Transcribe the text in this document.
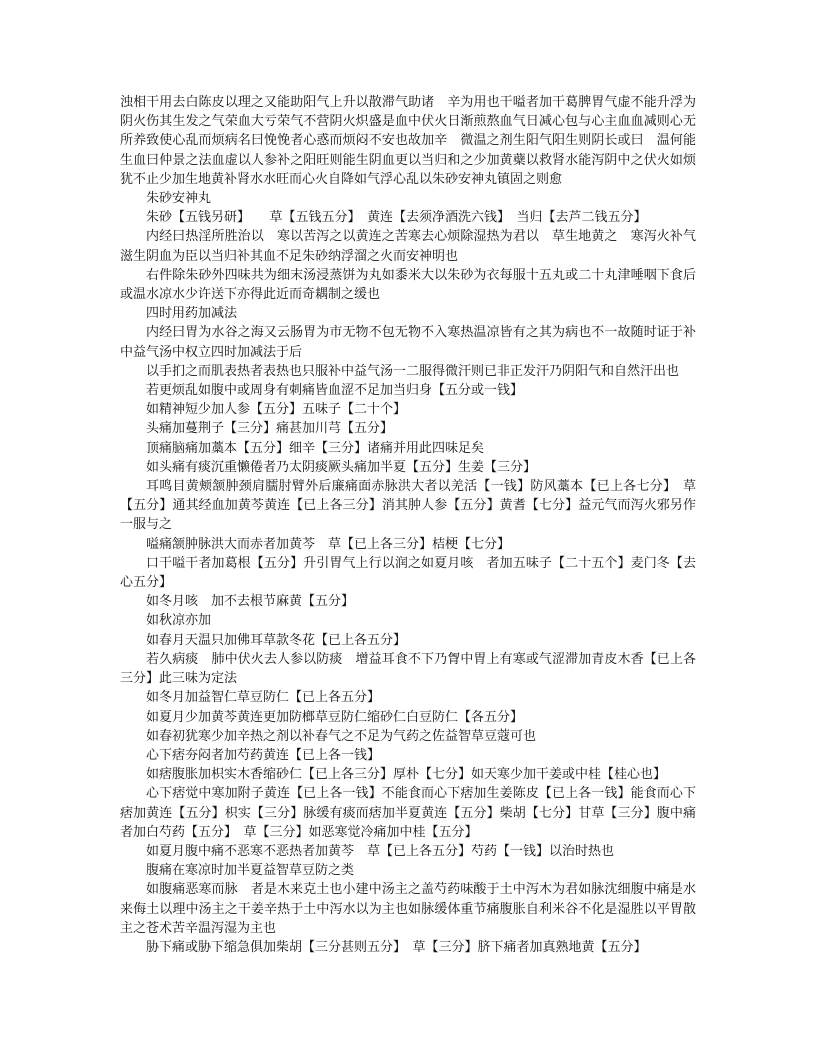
浊相干用去白陈皮以理之又能助阳气上升以散滞气助诸　辛为用也干嗌者加干葛脾胃气虚不能升浮为阴火伤其生发之气荣血大亏荣气不营阴火炽盛是血中伏火日渐煎熬血气日减心包与心主血血减则心无所养致使心乱而烦病名曰悗悗者心惑而烦闷不安也故加辛　微温之剂生阳气阳生则阴长或曰　温何能生血曰仲景之法血虚以人参补之阳旺则能生阴血更以当归和之少加黄蘗以救肾水能泻阴中之伏火如烦犹不止少加生地黄补肾水水旺而心火自降如气浮心乱以朱砂安神丸镇固之则愈

朱砂安神丸

朱砂【五钱另研】　　草【五钱五分】　黄连【去须净酒洗六钱】　当归【去芦二钱五分】

内经曰热淫所胜治以　寒以苦泻之以黄连之苦寒去心烦除湿热为君以　草生地黄之　寒泻火补气滋生阴血为臣以当归补其血不足朱砂纳浮溜之火而安神明也

右件除朱砂外四味共为细末汤浸蒸饼为丸如黍米大以朱砂为衣每服十五丸或二十丸津唾咽下食后或温水凉水少许送下亦得此近而奇耦制之缓也

四时用药加减法

内经曰胃为水谷之海又云肠胃为市无物不包无物不入寒热温凉皆有之其为病也不一故随时证于补中益气汤中权立四时加减法于后

以手扪之而肌表热者表热也只服补中益气汤一二服得微汗则已非正发汗乃阴阳气和自然汗出也

若更烦乱如腹中或周身有刺痛皆血涩不足加当归身【五分或一钱】

如精神短少加人参【五分】五味子【二十个】

头痛加蔓荆子【三分】痛甚加川芎【五分】

顶痛脑痛加藁本【五分】细辛【三分】诸痛并用此四味足矣

如头痛有痰沉重懒倦者乃太阴痰厥头痛加半夏【五分】生姜【三分】

耳鸣目黄颊颔肿颈肩臑肘臂外后廉痛面赤脉洪大者以羌活【一钱】防风藁本【已上各七分】　草【五分】通其经血加黄芩黄连【已上各三分】消其肿人参【五分】黄耆【七分】益元气而泻火邪另作一服与之

嗌痛颔肿脉洪大而赤者加黄芩　草【已上各三分】桔梗【七分】

口干嗌干者加葛根【五分】升引胃气上行以润之如夏月咳　者加五味子【二十五个】麦门冬【去心五分】

如冬月咳　加不去根节麻黄【五分】

如秋凉亦加

如春月天温只加佛耳草款冬花【已上各五分】

若久病痰　肺中伏火去人参以防痰　增益耳食不下乃胷中胃上有寒或气涩滞加青皮木香【已上各三分】此三味为定法

如冬月加益智仁草豆防仁【已上各五分】

如夏月少加黄芩黄连更加防榔草豆防仁缩砂仁白豆防仁【各五分】

如春初犹寒少加辛热之剂以补春气之不足为气药之佐益智草豆蔻可也

心下痞夯闷者加芍药黄连【已上各一钱】

如痞腹胀加枳实木香缩砂仁【已上各三分】厚朴【七分】如天寒少加干姜或中桂【桂心也】

心下痞觉中寒加附子黄连【已上各一钱】不能食而心下痞加生姜陈皮【已上各一钱】能食而心下痞加黄连【五分】枳实【三分】脉缓有痰而痞加半夏黄连【五分】柴胡【七分】甘草【三分】腹中痛者加白芍药【五分】　草【三分】如恶寒觉冷痛加中桂【五分】

如夏月腹中痛不恶寒不恶热者加黄芩　草【已上各五分】芍药【一钱】以治时热也

腹痛在寒凉时加半夏益智草豆防之类

如腹痛恶寒而脉　者是木来克土也小建中汤主之盖芍药味酸于土中泻木为君如脉沈细腹中痛是水来侮土以理中汤主之干姜辛热于土中泻水以为主也如脉缓体重节痛腹胀自利米谷不化是湿胜以平胃散主之苍术苦辛温泻湿为主也

胁下痛或胁下缩急俱加柴胡【三分甚则五分】　草【三分】脐下痛者加真熟地黄【五分】
